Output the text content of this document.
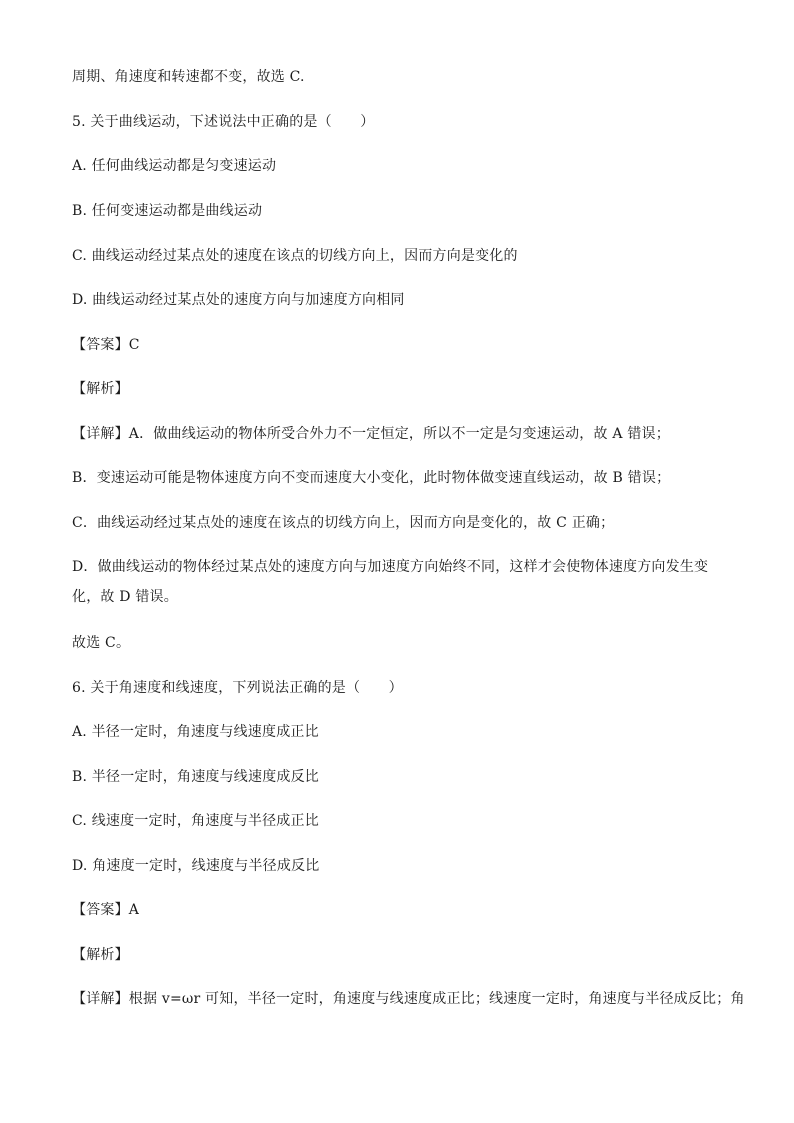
周期、角速度和转速都不变，故选 C.
5. 关于曲线运动，下述说法中正确的是（　　）
A. 任何曲线运动都是匀变速运动
B. 任何变速运动都是曲线运动
C. 曲线运动经过某点处的速度在该点的切线方向上，因而方向是变化的
D. 曲线运动经过某点处的速度方向与加速度方向相同
【答案】C
【解析】
【详解】A．做曲线运动的物体所受合外力不一定恒定，所以不一定是匀变速运动，故 A 错误；
B．变速运动可能是物体速度方向不变而速度大小变化，此时物体做变速直线运动，故 B 错误；
C．曲线运动经过某点处的速度在该点的切线方向上，因而方向是变化的，故 C 正确；
D．做曲线运动的物体经过某点处的速度方向与加速度方向始终不同，这样才会使物体速度方向发生变化，故 D 错误。
故选 C。
6. 关于角速度和线速度，下列说法正确的是（　　）
A. 半径一定时，角速度与线速度成正比
B. 半径一定时，角速度与线速度成反比
C. 线速度一定时，角速度与半径成正比
D. 角速度一定时，线速度与半径成反比
【答案】A
【解析】
【详解】根据 v=ωr 可知，半径一定时，角速度与线速度成正比；线速度一定时，角速度与半径成反比；角
